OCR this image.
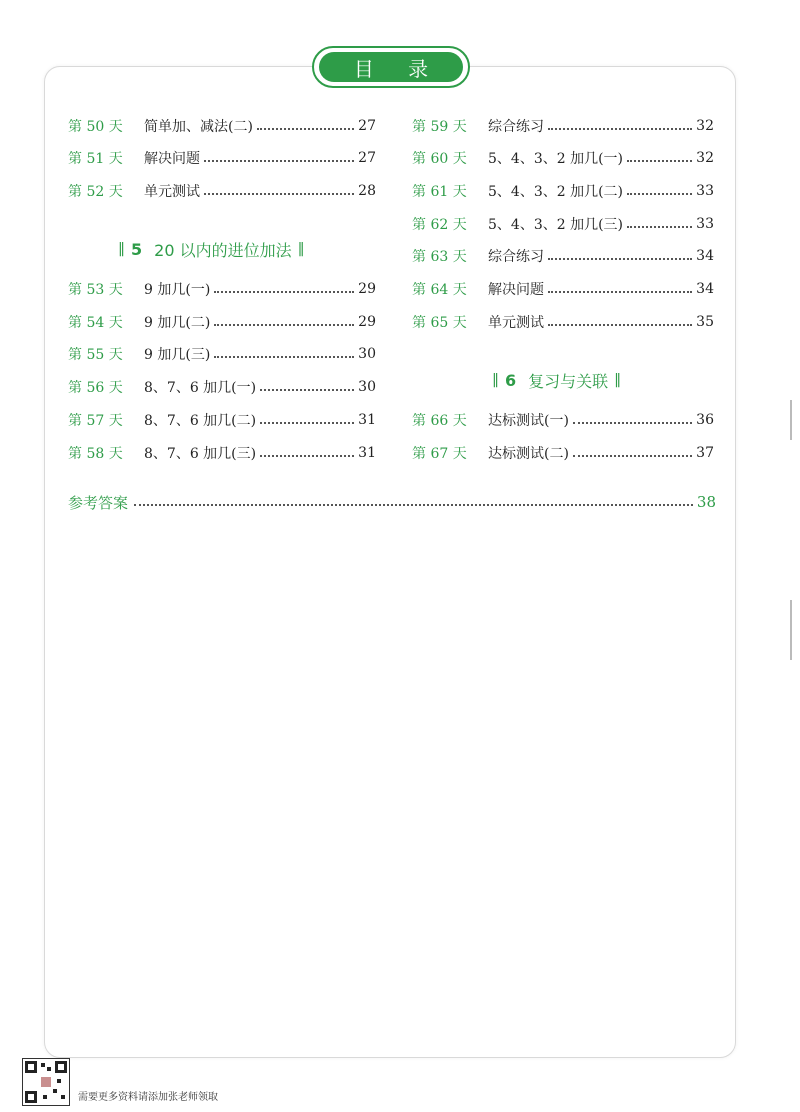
目 录
第 50 天	简单加、减法(二)	27
第 51 天	解决问题	27
第 52 天	单元测试	28
‖ 5 20 以内的进位加法 ‖
第 53 天	9 加几(一)	29
第 54 天	9 加几(二)	29
第 55 天	9 加几(三)	30
第 56 天	8、7、6 加几(一)	30
第 57 天	8、7、6 加几(二)	31
第 58 天	8、7、6 加几(三)	31
第 59 天	综合练习	32
第 60 天	5、4、3、2 加几(一)	32
第 61 天	5、4、3、2 加几(二)	33
第 62 天	5、4、3、2 加几(三)	33
第 63 天	综合练习	34
第 64 天	解决问题	34
第 65 天	单元测试	35
‖ 6 复习与关联 ‖
第 66 天	达标测试(一)	36
第 67 天	达标测试(二)	37
参考答案	38
需要更多资料请添加张老师领取
